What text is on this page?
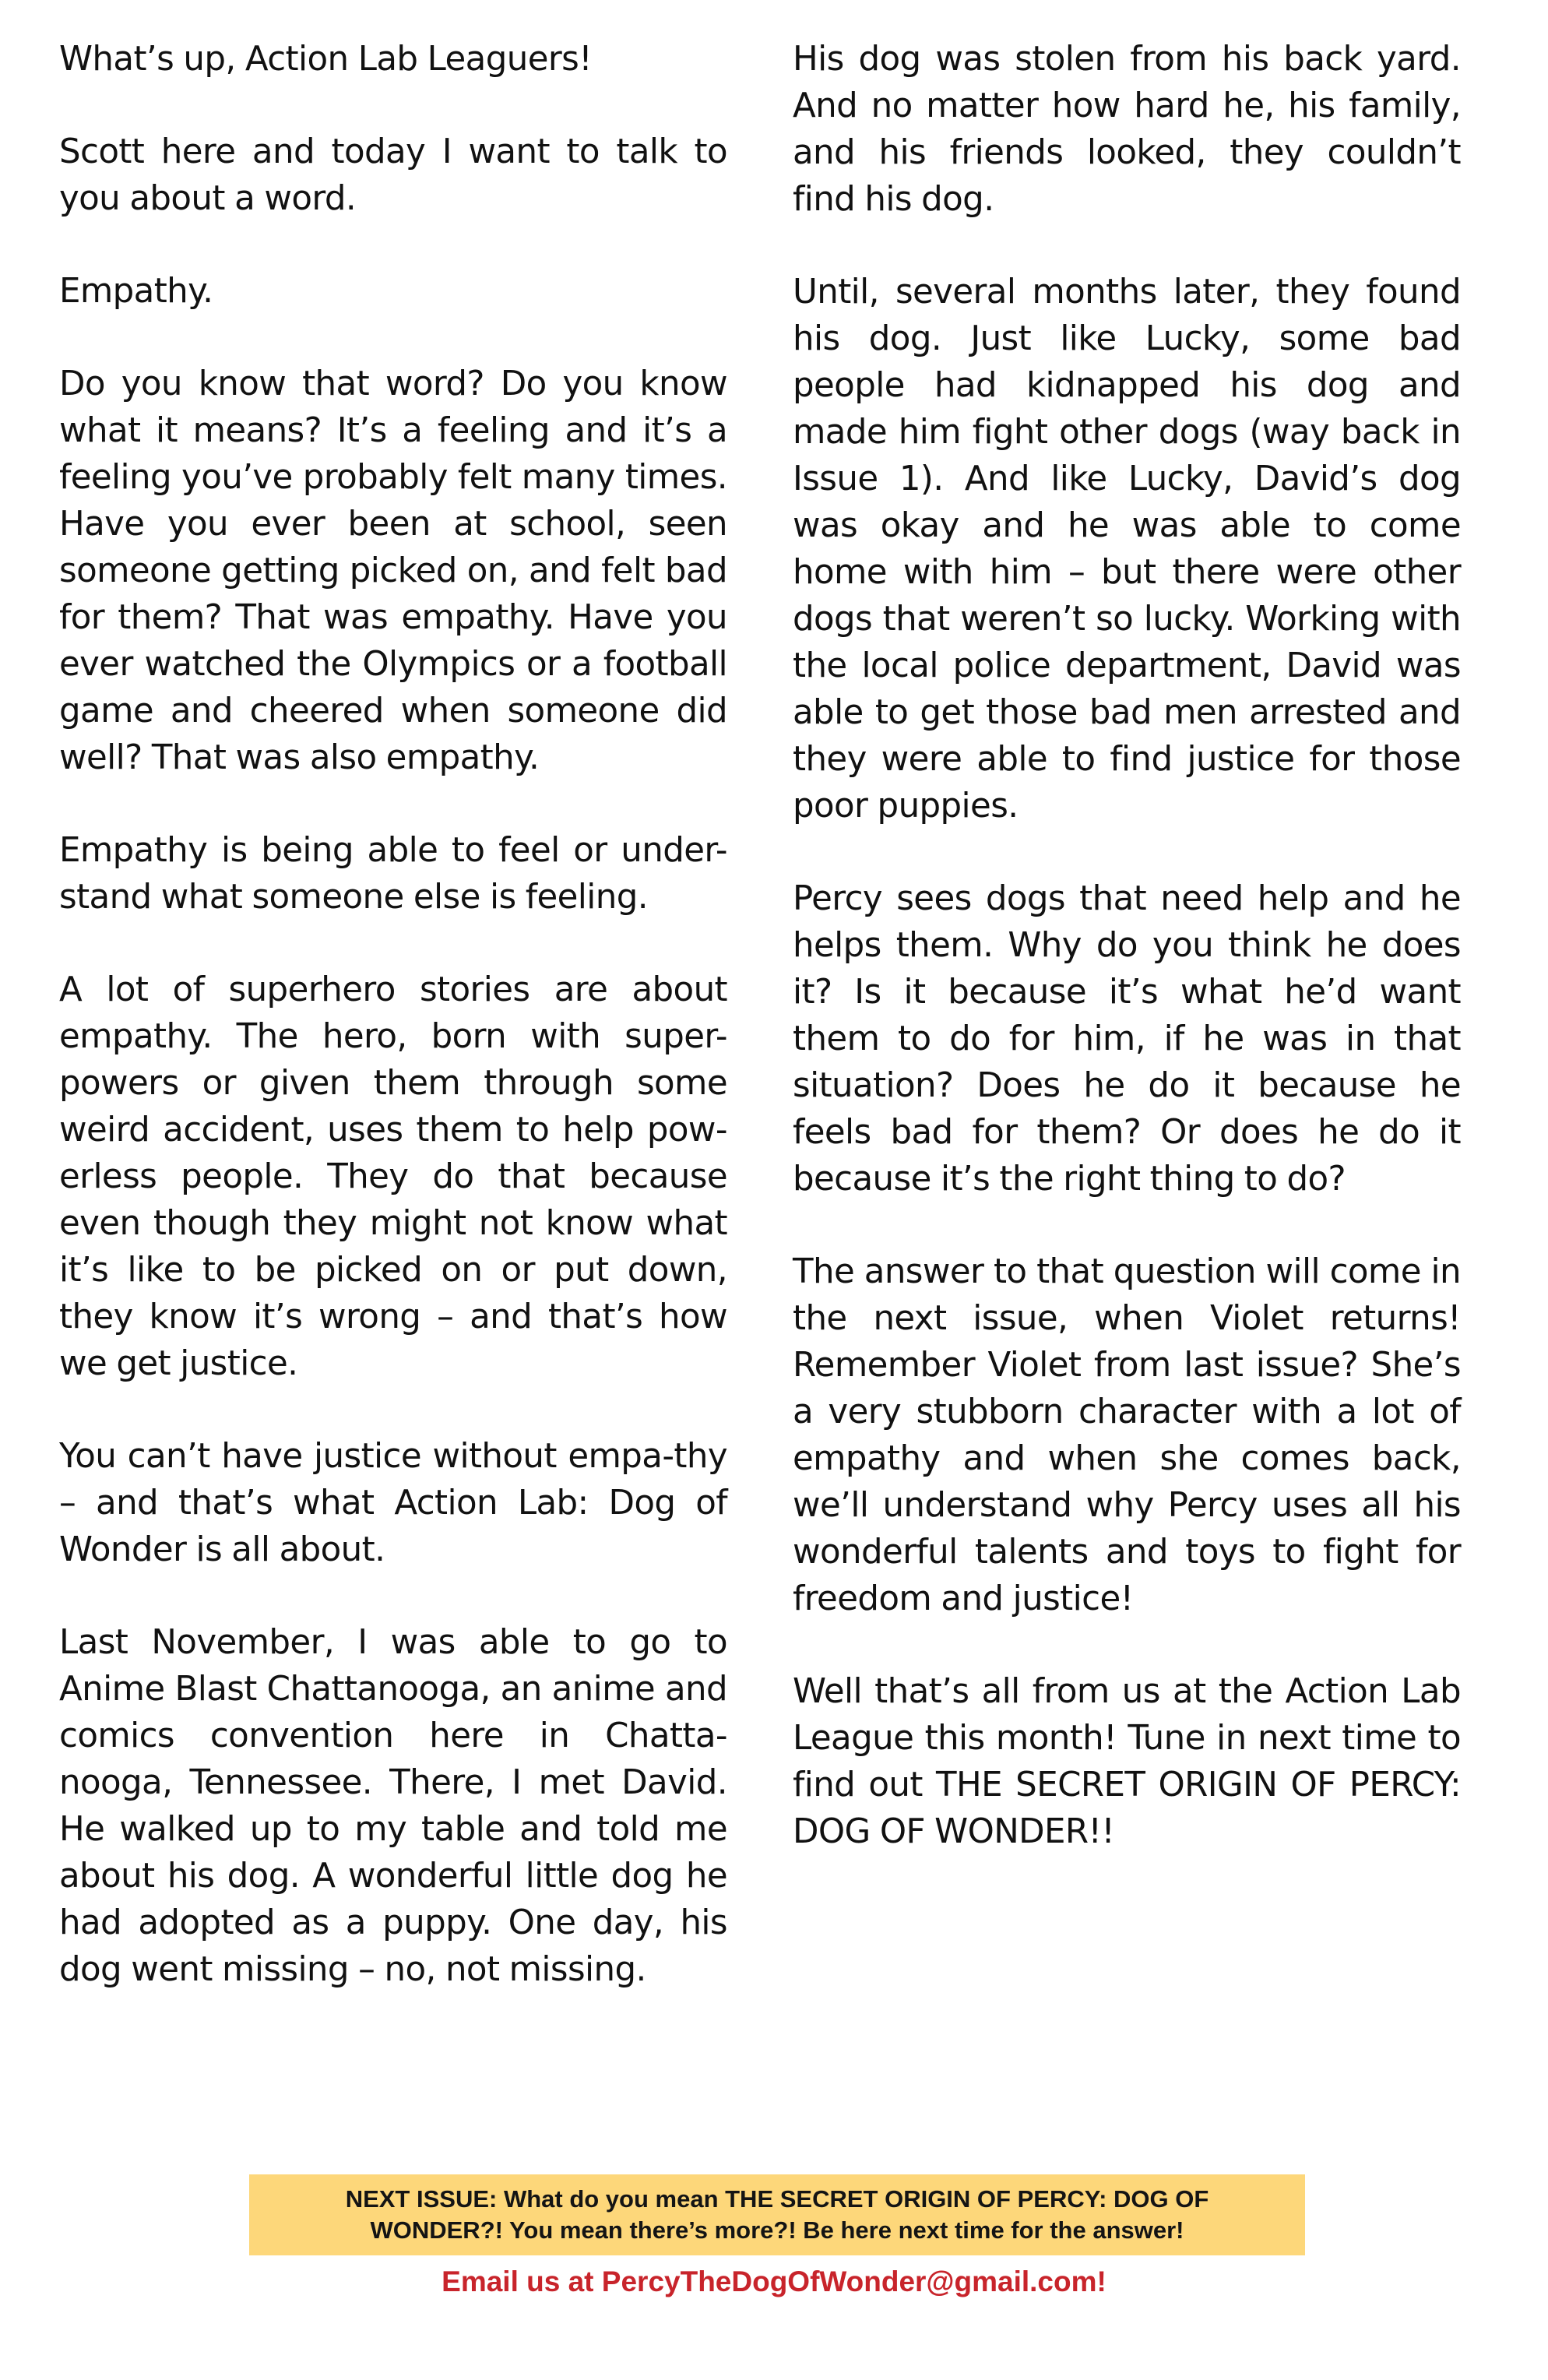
What’s up, Action Lab Leaguers!

Scott here and today I want to talk to you about a word.

Empathy.

Do you know that word? Do you know what it means? It’s a feeling and it’s a feeling you’ve probably felt many times. Have you ever been at school, seen someone getting picked on, and felt bad for them? That was empathy. Have you ever watched the Olympics or a football game and cheered when someone did well? That was also empathy.

Empathy is being able to feel or under-stand what someone else is feeling.

A lot of superhero stories are about empathy. The hero, born with super-powers or given them through some weird accident, uses them to help pow-erless people. They do that because even though they might not know what it’s like to be picked on or put down, they know it’s wrong – and that’s how we get justice.

You can’t have justice without empa-thy – and that’s what Action Lab: Dog of Wonder is all about.

Last November, I was able to go to Anime Blast Chattanooga, an anime and comics convention here in Chatta-nooga, Tennessee. There, I met David. He walked up to my table and told me about his dog. A wonderful little dog he had adopted as a puppy. One day, his dog went missing – no, not missing.

His dog was stolen from his back yard. And no matter how hard he, his family, and his friends looked, they couldn’t find his dog.

Until, several months later, they found his dog. Just like Lucky, some bad people had kidnapped his dog and made him fight other dogs (way back in Issue 1). And like Lucky, David’s dog was okay and he was able to come home with him – but there were other dogs that weren’t so lucky. Working with the local police department, David was able to get those bad men arrested and they were able to find justice for those poor puppies.

Percy sees dogs that need help and he helps them. Why do you think he does it? Is it because it’s what he’d want them to do for him, if he was in that situation? Does he do it because he feels bad for them? Or does he do it because it’s the right thing to do?

The answer to that question will come in the next issue, when Violet returns! Remember Violet from last issue? She’s a very stubborn character with a lot of empathy and when she comes back, we’ll understand why Percy uses all his wonderful talents and toys to fight for freedom and justice!

Well that’s all from us at the Action Lab League this month! Tune in next time to find out THE SECRET ORIGIN OF PERCY: DOG OF WONDER!!

NEXT ISSUE: What do you mean THE SECRET ORIGIN OF PERCY: DOG OF WONDER?! You mean there’s more?! Be here next time for the answer!
Email us at PercyTheDogOfWonder@gmail.com!
